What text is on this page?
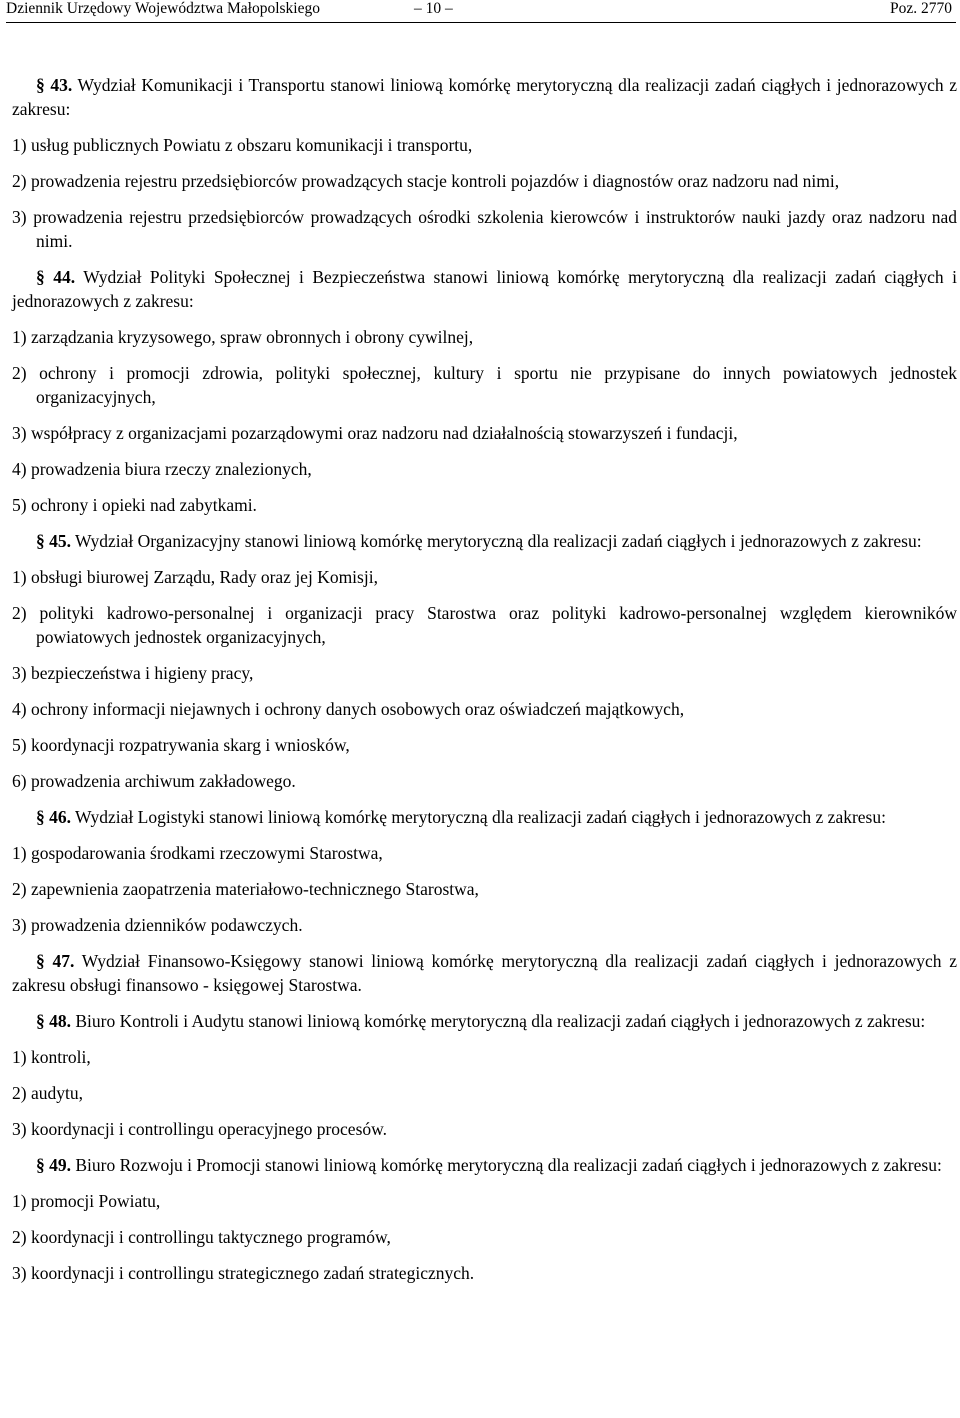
Dziennik Urzędowy Województwa Małopolskiego	– 10 –	Poz. 2770

§ 43. Wydział Komunikacji i Transportu stanowi liniową komórkę merytoryczną dla realizacji zadań ciągłych i jednorazowych z zakresu:

1) usług publicznych Powiatu z obszaru komunikacji i transportu,

2) prowadzenia rejestru przedsiębiorców prowadzących stacje kontroli pojazdów i diagnostów oraz nadzoru nad nimi,

3) prowadzenia rejestru przedsiębiorców prowadzących ośrodki szkolenia kierowców i instruktorów nauki jazdy oraz nadzoru nad nimi.

§ 44. Wydział Polityki Społecznej i Bezpieczeństwa stanowi liniową komórkę merytoryczną dla realizacji zadań ciągłych i jednorazowych z zakresu:

1) zarządzania kryzysowego, spraw obronnych i obrony cywilnej,

2) ochrony i promocji zdrowia, polityki społecznej, kultury i sportu nie przypisane do innych powiatowych jednostek organizacyjnych,

3) współpracy z organizacjami pozarządowymi oraz nadzoru nad działalnością stowarzyszeń i fundacji,

4) prowadzenia biura rzeczy znalezionych,

5) ochrony i opieki nad zabytkami.

§ 45. Wydział Organizacyjny stanowi liniową komórkę merytoryczną dla realizacji zadań ciągłych i jednorazowych z zakresu:

1) obsługi biurowej Zarządu, Rady oraz jej Komisji,

2) polityki kadrowo-personalnej i organizacji pracy Starostwa oraz polityki kadrowo-personalnej względem kierowników powiatowych jednostek organizacyjnych,

3) bezpieczeństwa i higieny pracy,

4) ochrony informacji niejawnych i ochrony danych osobowych oraz oświadczeń majątkowych,

5) koordynacji rozpatrywania skarg i wniosków,

6) prowadzenia archiwum zakładowego.

§ 46. Wydział Logistyki stanowi liniową komórkę merytoryczną dla realizacji zadań ciągłych i jednorazowych z zakresu:

1) gospodarowania środkami rzeczowymi Starostwa,

2) zapewnienia zaopatrzenia materiałowo-technicznego Starostwa,

3) prowadzenia dzienników podawczych.

§ 47. Wydział Finansowo-Księgowy stanowi liniową komórkę merytoryczną dla realizacji zadań ciągłych i jednorazowych z zakresu obsługi finansowo - księgowej Starostwa.

§ 48. Biuro Kontroli i Audytu stanowi liniową komórkę merytoryczną dla realizacji zadań ciągłych i jednorazowych z zakresu:

1) kontroli,

2) audytu,

3) koordynacji i controllingu operacyjnego procesów.

§ 49. Biuro Rozwoju i Promocji stanowi liniową komórkę merytoryczną dla realizacji zadań ciągłych i jednorazowych z zakresu:

1) promocji Powiatu,

2) koordynacji i controllingu taktycznego programów,

3) koordynacji i controllingu strategicznego zadań strategicznych.
